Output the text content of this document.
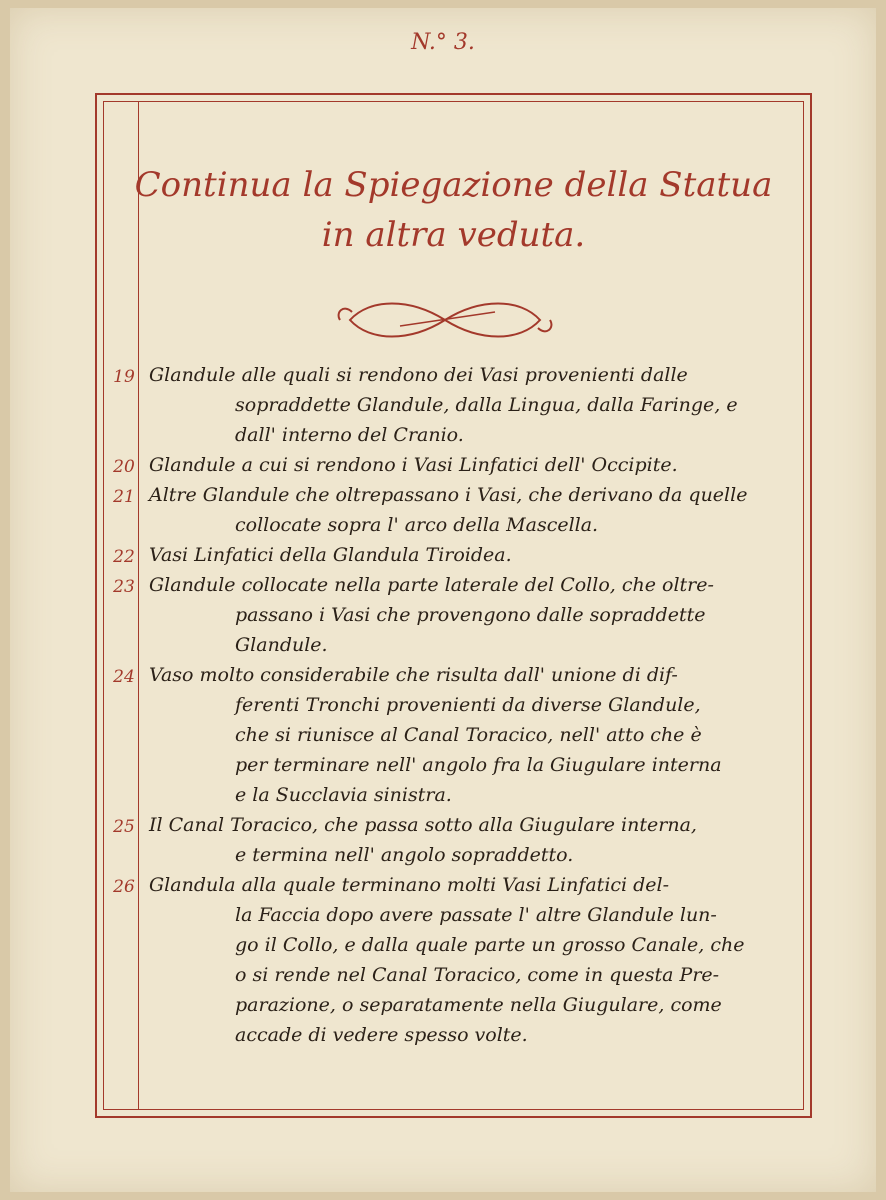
N.° 3.
Continua la Spiegazione della Statua
in altra veduta.
19 Glandule alle quali si rendono dei Vasi provenienti dalle
sopraddette Glandule, dalla Lingua, dalla Faringe, e
dall' interno del Cranio.
20 Glandule a cui si rendono i Vasi Linfatici dell' Occipite.
21 Altre Glandule che oltrepassano i Vasi, che derivano da quelle
collocate sopra l' arco della Mascella.
22 Vasi Linfatici della Glandula Tiroidea.
23 Glandule collocate nella parte laterale del Collo, che oltre-
passano i Vasi che provengono dalle sopraddette
Glandule.
24 Vaso molto considerabile che risulta dall' unione di dif-
ferenti Tronchi provenienti da diverse Glandule,
che si riunisce al Canal Toracico, nell' atto che è
per terminare nell' angolo fra la Giugulare interna
e la Succlavia sinistra.
25 Il Canal Toracico, che passa sotto alla Giugulare interna,
e termina nell' angolo sopraddetto.
26 Glandula alla quale terminano molti Vasi Linfatici del-
la Faccia dopo avere passate l' altre Glandule lun-
go il Collo, e dalla quale parte un grosso Canale, che
o si rende nel Canal Toracico, come in questa Pre-
parazione, o separatamente nella Giugulare, come
accade di vedere spesso volte.
